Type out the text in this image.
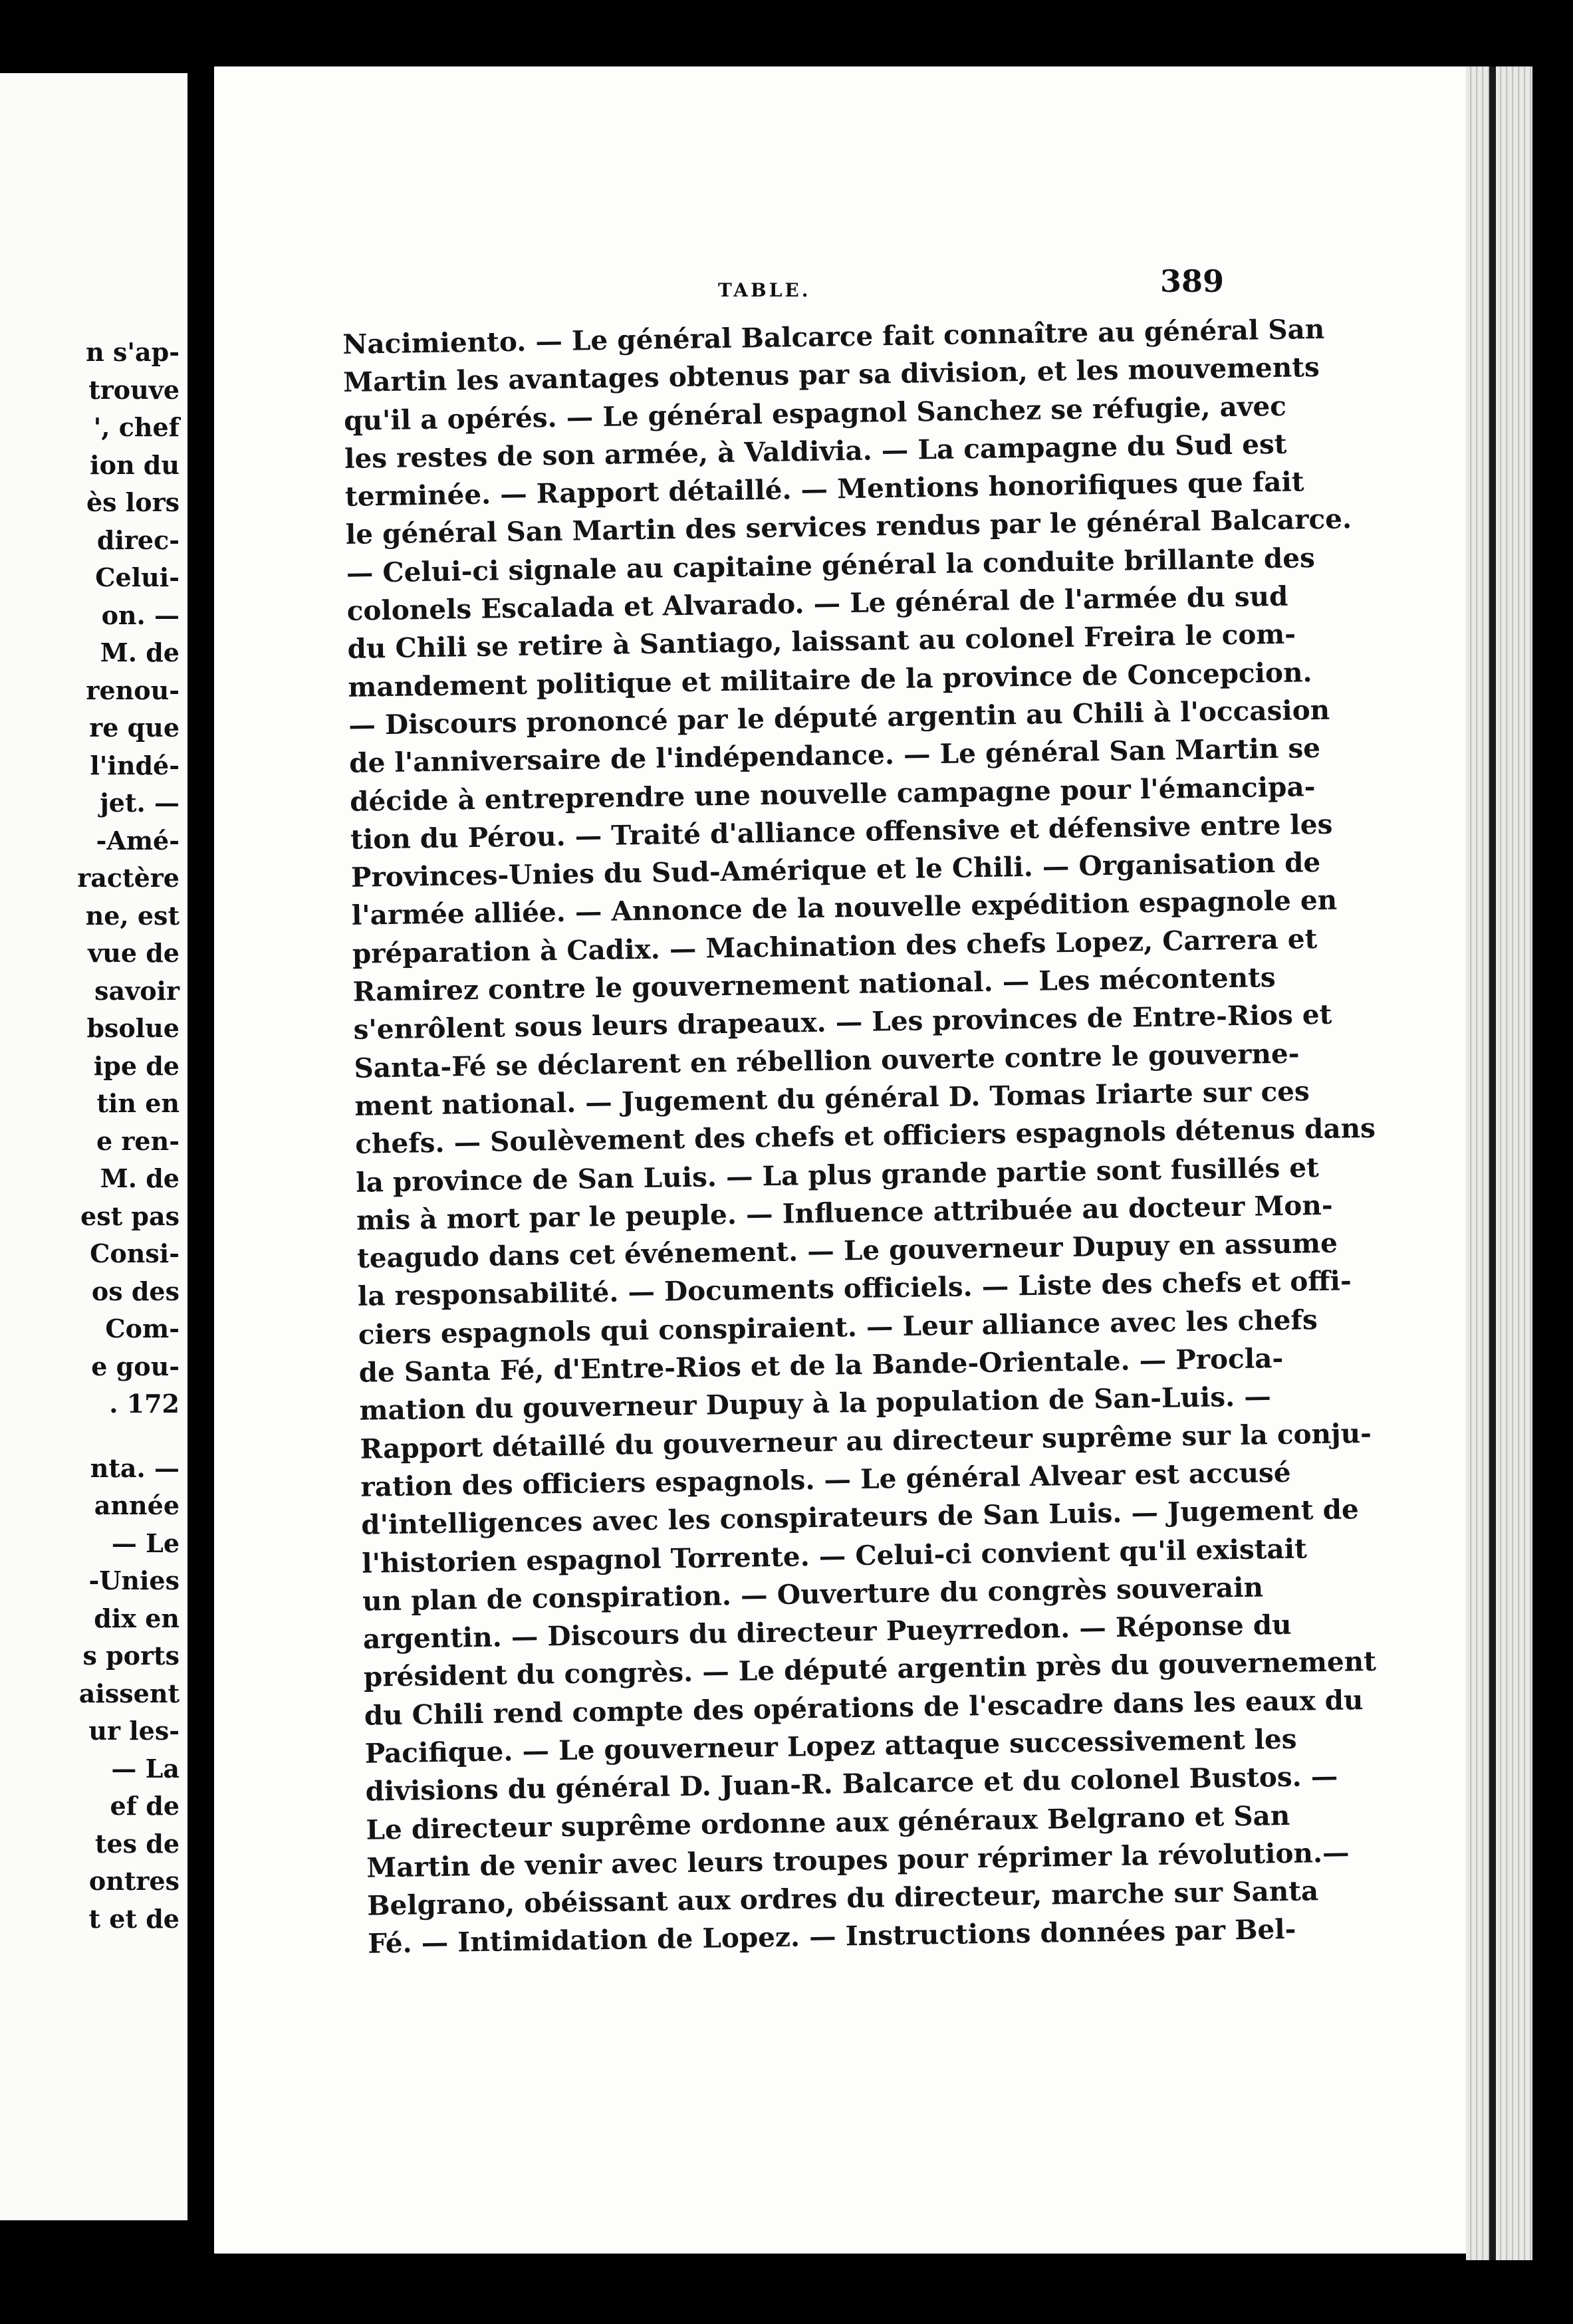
n s'ap-
trouve
', chef
ion du
ès lors
direc-
Celui-
on. —
M. de
renou-
re que
l'indé-
jet. —
-Amé-
ractère
ne, est
vue de
savoir
bsolue
ipe de
tin en
e ren-
M. de
est pas
Consi-
os des
Com-
e gou-
. 172
nta. —
année
— Le
-Unies
dix en
s ports
aissent
ur les-
— La
ef de
tes de
ontres
t et de
TABLE.	389
Nacimiento. — Le général Balcarce fait connaître au général San
Martin les avantages obtenus par sa division, et les mouvements
qu'il a opérés. — Le général espagnol Sanchez se réfugie, avec
les restes de son armée, à Valdivia. — La campagne du Sud est
terminée. — Rapport détaillé. — Mentions honorifiques que fait
le général San Martin des services rendus par le général Balcarce.
— Celui-ci signale au capitaine général la conduite brillante des
colonels Escalada et Alvarado. — Le général de l'armée du sud
du Chili se retire à Santiago, laissant au colonel Freira le com-
mandement politique et militaire de la province de Concepcion.
— Discours prononcé par le député argentin au Chili à l'occasion
de l'anniversaire de l'indépendance. — Le général San Martin se
décide à entreprendre une nouvelle campagne pour l'émancipa-
tion du Pérou. — Traité d'alliance offensive et défensive entre les
Provinces-Unies du Sud-Amérique et le Chili. — Organisation de
l'armée alliée. — Annonce de la nouvelle expédition espagnole en
préparation à Cadix. — Machination des chefs Lopez, Carrera et
Ramirez contre le gouvernement national. — Les mécontents
s'enrôlent sous leurs drapeaux. — Les provinces de Entre-Rios et
Santa-Fé se déclarent en rébellion ouverte contre le gouverne-
ment national. — Jugement du général D. Tomas Iriarte sur ces
chefs. — Soulèvement des chefs et officiers espagnols détenus dans
la province de San Luis. — La plus grande partie sont fusillés et
mis à mort par le peuple. — Influence attribuée au docteur Mon-
teagudo dans cet événement. — Le gouverneur Dupuy en assume
la responsabilité. — Documents officiels. — Liste des chefs et offi-
ciers espagnols qui conspiraient. — Leur alliance avec les chefs
de Santa Fé, d'Entre-Rios et de la Bande-Orientale. — Procla-
mation du gouverneur Dupuy à la population de San-Luis. —
Rapport détaillé du gouverneur au directeur suprême sur la conju-
ration des officiers espagnols. — Le général Alvear est accusé
d'intelligences avec les conspirateurs de San Luis. — Jugement de
l'historien espagnol Torrente. — Celui-ci convient qu'il existait
un plan de conspiration. — Ouverture du congrès souverain
argentin. — Discours du directeur Pueyrredon. — Réponse du
président du congrès. — Le député argentin près du gouvernement
du Chili rend compte des opérations de l'escadre dans les eaux du
Pacifique. — Le gouverneur Lopez attaque successivement les
divisions du général D. Juan-R. Balcarce et du colonel Bustos. —
Le directeur suprême ordonne aux généraux Belgrano et San
Martin de venir avec leurs troupes pour réprimer la révolution.—
Belgrano, obéissant aux ordres du directeur, marche sur Santa
Fé. — Intimidation de Lopez. — Instructions données par Bel-
